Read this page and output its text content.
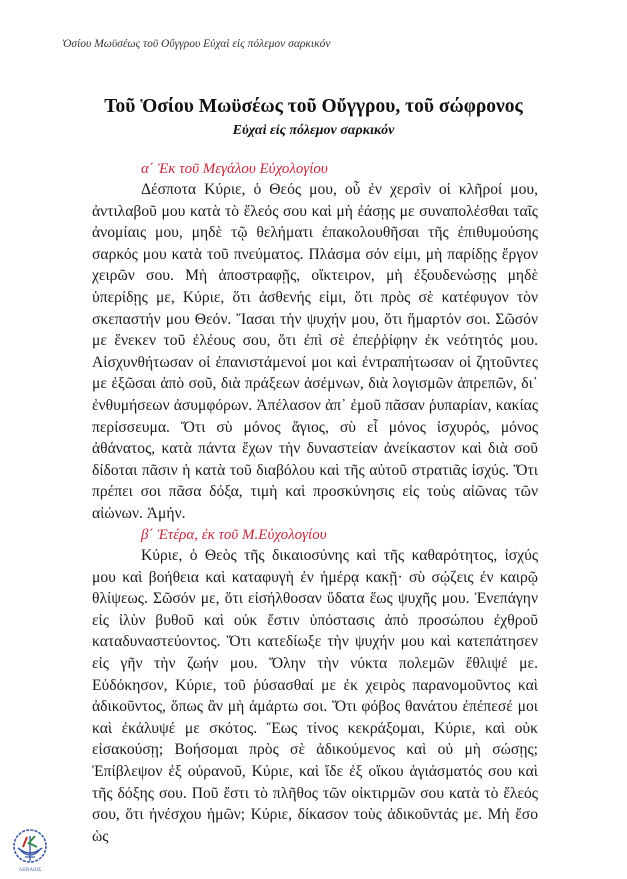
Ὁσίου Μωϋσέως τοῦ Οὔγγρου Εὐχαὶ εἰς πόλεμον σαρκικόν
Τοῦ Ὁσίου Μωϋσέως τοῦ Οὔγγρου, τοῦ σώφρονος
Εὐχαὶ εἰς πόλεμον σαρκικόν
α΄ Ἐκ τοῦ Μεγάλου Εὐχολογίου

Δέσποτα Κύριε, ὁ Θεός μου, οὗ ἐν χερσὶν οἱ κλῆροί μου, ἀντιλαβοῦ μου κατὰ τὸ ἔλεός σου καὶ μὴ ἐάσῃς με συναπολέσθαι ταῖς ἀνομίαις μου, μηδὲ τῷ θελήματι ἐπακολουθῆσαι τῆς ἐπιθυμούσης σαρκός μου κατὰ τοῦ πνεύματος. Πλάσμα σόν εἰμι, μὴ παρίδῃς ἔργον χειρῶν σου. Μὴ ἀποστραφῇς, οἴκτειρον, μὴ ἐξουδενώσῃς μηδὲ ὑπερίδῃς με, Κύριε, ὅτι ἀσθενής εἰμι, ὅτι πρὸς σὲ κατέφυγον τὸν σκεπαστήν μου Θεόν. Ἴασαι τὴν ψυχήν μου, ὅτι ἥμαρτόν σοι. Σῶσόν με ἕνεκεν τοῦ ἐλέους σου, ὅτι ἐπὶ σὲ ἐπεῤῥίφην ἐκ νεότητός μου. Αἰσχυνθήτωσαν οἱ ἐπανιστάμενοί μοι καὶ ἐντραπήτωσαν οἱ ζητοῦντες με ἐξῶσαι ἀπὸ σοῦ, διὰ πράξεων ἀσέμνων, διὰ λογισμῶν ἀπρεπῶν, δι᾽ ἐνθυμήσεων ἀσυμφόρων. Ἀπέλασον ἀπ᾽ ἐμοῦ πᾶσαν ῥυπαρίαν, κακίας περίσσευμα. Ὅτι σὺ μόνος ἅγιος, σὺ εἶ μόνος ἰσχυρός, μόνος ἀθάνατος, κατὰ πάντα ἔχων τὴν δυναστείαν ἀνείκαστον καὶ διὰ σοῦ δίδοται πᾶσιν ἡ κατὰ τοῦ διαβόλου καὶ τῆς αὐτοῦ στρατιᾶς ἰσχύς. Ὅτι πρέπει σοι πᾶσα δόξα, τιμὴ καὶ προσκύνησις εἰς τοὺς αἰῶνας τῶν αἰώνων. Ἀμήν.

β΄ Ἑτέρα, ἐκ τοῦ Μ.Εὐχολογίου

Κύριε, ὁ Θεὸς τῆς δικαιοσύνης καὶ τῆς καθαρότητος, ἰσχύς μου καὶ βοήθεια καὶ καταφυγὴ ἐν ἡμέρᾳ κακῇ· σὺ σῴζεις ἐν καιρῷ θλίψεως. Σῶσόν με, ὅτι εἰσήλθοσαν ὕδατα ἕως ψυχῆς μου. Ἐνεπάγην εἰς ἰλὺν βυθοῦ καὶ οὐκ ἔστιν ὑπόστασις ἀπὸ προσώπου ἐχθροῦ καταδυναστεύοντος. Ὅτι κατεδίωξε τὴν ψυχήν μου καὶ κατεπάτησεν εἰς γῆν τὴν ζωήν μου. Ὅλην τὴν νύκτα πολεμῶν ἔθλιψέ με. Εὐδόκησον, Κύριε, τοῦ ῥύσασθαί με ἐκ χειρὸς παρανομοῦντος καὶ ἀδικοῦντος, ὅπως ἂν μὴ ἁμάρτω σοι. Ὅτι φόβος θανάτου ἐπέπεσέ μοι καὶ ἐκάλυψέ με σκότος. Ἕως τίνος κεκράξομαι, Κύριε, καὶ οὐκ εἰσακούσῃ; Βοήσομαι πρὸς σὲ ἀδικούμενος καὶ οὐ μὴ σώσῃς; Ἐπίβλεψον ἐξ οὐρανοῦ, Κύριε, καὶ ἴδε ἐξ οἴκου ἁγιάσματός σου καὶ τῆς δόξης σου. Ποῦ ἔστι τὸ πλῆθος τῶν οἰκτιρμῶν σου κατὰ τὸ ἔλεός σου, ὅτι ἠνέσχου ἡμῶν; Κύριε, δίκασον τοὺς ἀδικοῦντάς με. Μὴ ἔσο ὡς

ΛΗΝΑΙΟΣ
